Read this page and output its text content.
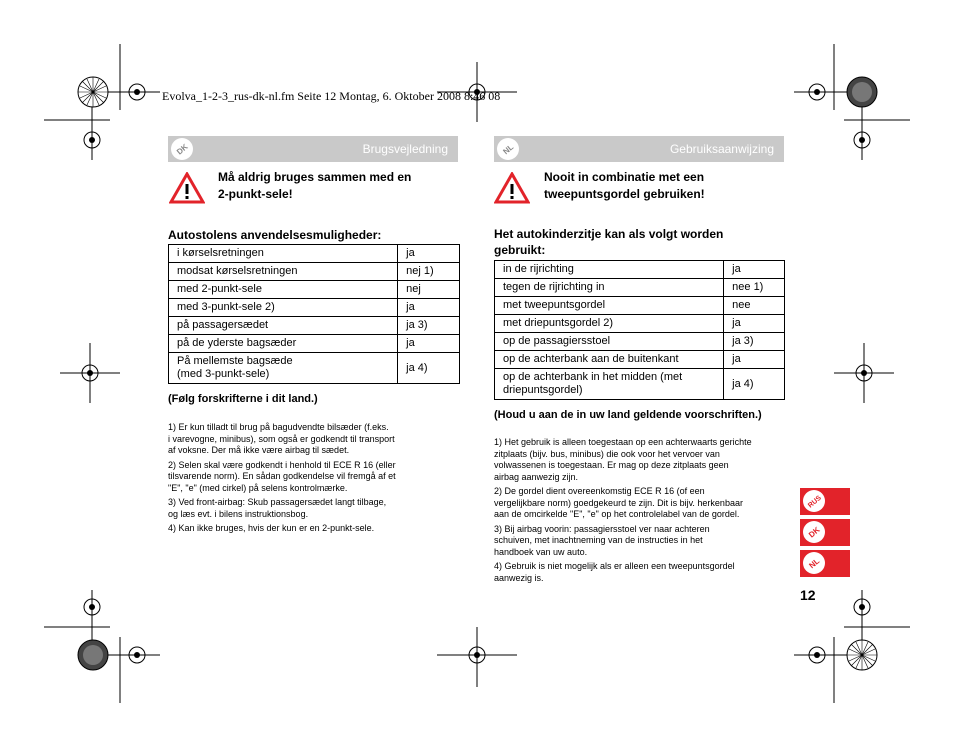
Evolva_1-2-3_rus-dk-nl.fm Seite 12 Montag, 6. Oktober 2008 8:46 08
DK	Brugsvejledning
Må aldrig bruges sammen med en
2-punkt-sele!
Autostolens anvendelsesmuligheder:
i kørselsretningen	ja
modsat kørselsretningen	nej 1)
med 2-punkt-sele	nej
med 3-punkt-sele 2)	ja
på passagersædet	ja 3)
på de yderste bagsæder	ja

På mellemste bagsæde
(med 3-punkt-sele)	ja 4)
(Følg forskrifterne i dit land.)

1) Er kun tilladt til brug på bagudvendte bilsæder (f.eks.
i varevogne, minibus), som også er godkendt til transport
af voksne. Der må ikke være airbag til sædet.

2) Selen skal være godkendt i henhold til ECE R 16 (eller
tilsvarende norm). En sådan godkendelse vil fremgå af et
"E", "e" (med cirkel) på selens kontrolmærke.

3) Ved front-airbag: Skub passagersædet langt tilbage,
og læs evt. i bilens instruktionsbog.

4) Kan ikke bruges, hvis der kun er en 2-punkt-sele.

NL	Gebruiksaanwijzing
Nooit in combinatie met een
tweepuntsgordel gebruiken!
Het autokinderzitje kan als volgt worden
gebruikt:
in de rijrichting	ja
tegen de rijrichting in	nee 1)
met tweepuntsgordel	nee
met driepuntsgordel 2)	ja
op de passagiersstoel	ja 3)
op de achterbank aan de buitenkant	ja

op de achterbank in het midden (met
driepuntsgordel)	ja 4)
(Houd u aan de in uw land geldende voorschriften.)

1) Het gebruik is alleen toegestaan op een achterwaarts gerichte
zitplaats (bijv. bus, minibus) die ook voor het vervoer van
volwassenen is toegestaan. Er mag op deze zitplaats geen
airbag aanwezig zijn.

2) De gordel dient overeenkomstig ECE R 16 (of een
vergelijkbare norm) goedgekeurd te zijn. Dit is bijv. herkenbaar
aan de omcirkelde "E", "e" op het controlelabel van de gordel.

3) Bij airbag voorin: passagiersstoel ver naar achteren
schuiven, met inachtneming van de instructies in het
handboek van uw auto.

4) Gebruik is niet mogelijk als er alleen een tweepuntsgordel
aanwezig is.

RUS
DK
NL
12
